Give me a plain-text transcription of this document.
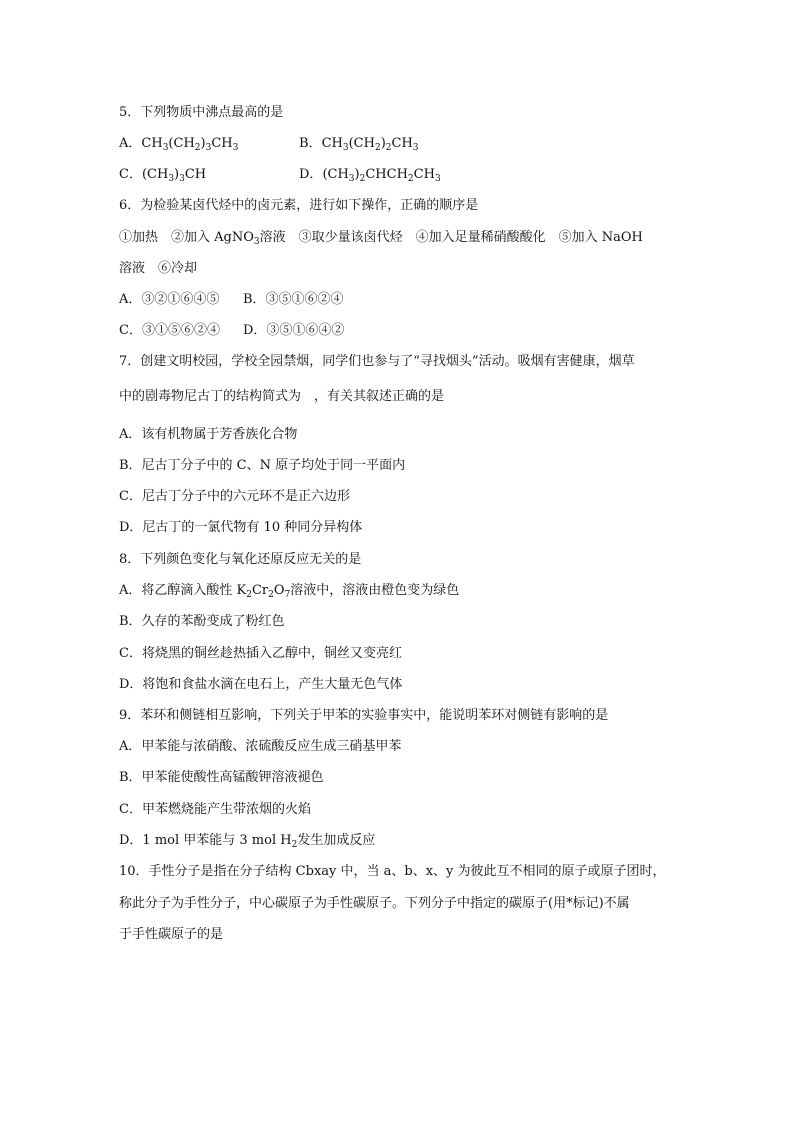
5．下列物质中沸点最高的是
A．$CH_3(CH_2)_3CH_3$	B．$CH_3(CH_2)_2CH_3$
C．$(CH_3)_3CH$	D．$(CH_3)_2CHCH_2CH_3$
6．为检验某卤代烃中的卤元素，进行如下操作，正确的顺序是
①加热　②加入 AgNO$_3$溶液　③取少量该卤代烃　④加入足量稀硝酸酸化　⑤加入 NaOH
溶液　⑥冷却
A．③②①⑥④⑤ B．③⑤①⑥②④
C．③①⑤⑥②④ D．③⑤①⑥④②
7．创建文明校园，学校全园禁烟，同学们也参与了“寻找烟头”活动。吸烟有害健康，烟草
中的剧毒物尼古丁的结构简式为　，有关其叙述正确的是
A．该有机物属于芳香族化合物
B．尼古丁分子中的 C、N 原子均处于同一平面内
C．尼古丁分子中的六元环不是正六边形
D．尼古丁的一氯代物有 10 种同分异构体
8．下列颜色变化与氧化还原反应无关的是
A．将乙醇滴入酸性 $K_2Cr_2O_7$溶液中，溶液由橙色变为绿色
B．久存的苯酚变成了粉红色
C．将烧黑的铜丝趁热插入乙醇中，铜丝又变亮红
D．将饱和食盐水滴在电石上，产生大量无色气体
9．苯环和侧链相互影响，下列关于甲苯的实验事实中，能说明苯环对侧链有影响的是
A．甲苯能与浓硝酸、浓硫酸反应生成三硝基甲苯
B．甲苯能使酸性高锰酸钾溶液褪色
C．甲苯燃烧能产生带浓烟的火焰
D．1 mol 甲苯能与 3 mol $H_2$发生加成反应
10．手性分子是指在分子结构 Cbxay 中，当 a、b、x、y 为彼此互不相同的原子或原子团时，
称此分子为手性分子，中心碳原子为手性碳原子。下列分子中指定的碳原子(用*标记)不属
于手性碳原子的是
